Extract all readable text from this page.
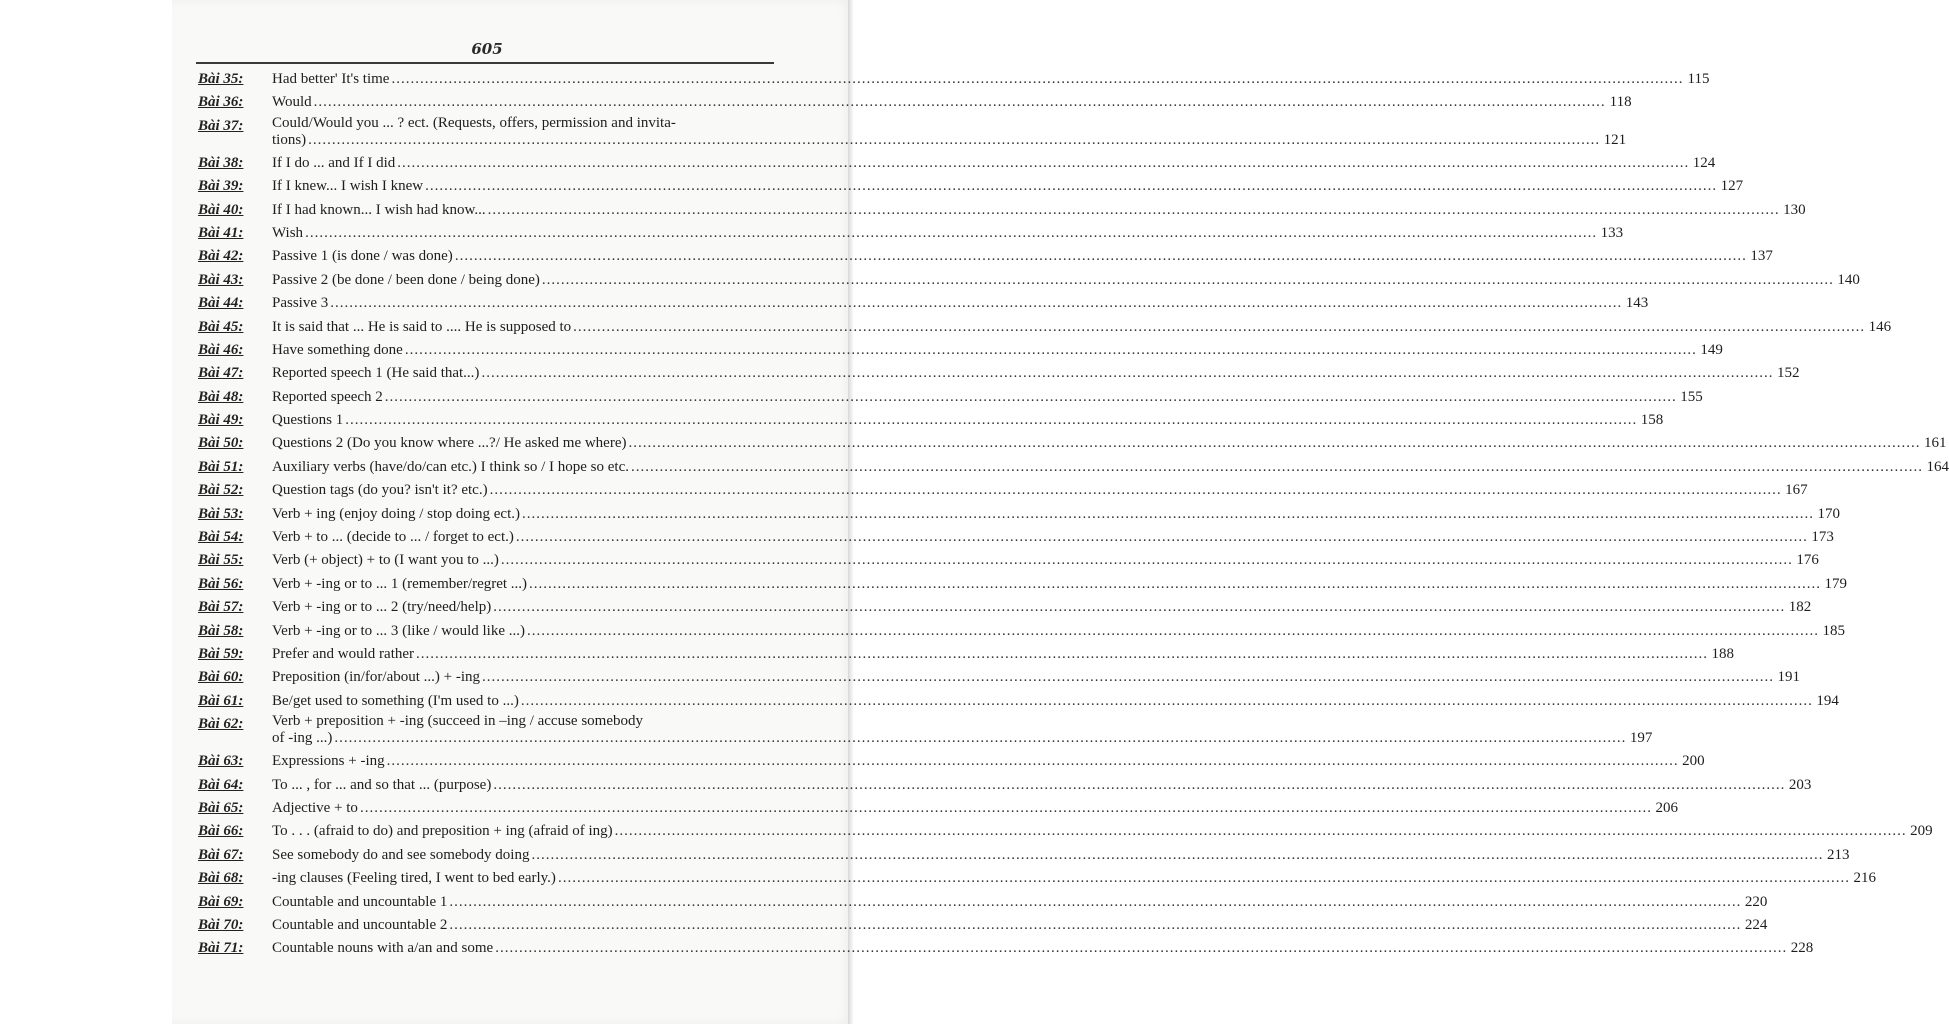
605
Bài 35:	Had better' It's time .....	115
Bài 36:	Would .....	118
Bài 37:	Could/Would you ... ? ect. (Requests, offers, permission and invita-
tions) .....	121
Bài 38:	If I do ... and If I did .....	124
Bài 39:	If I knew... I wish I knew .....	127
Bài 40:	If I had known... I wish had know... .....	130
Bài 41:	Wish .....	133
Bài 42:	Passive 1 (is done / was done) .....	137
Bài 43:	Passive 2 (be done / been done / being done) .....	140
Bài 44:	Passive 3 .....	143
Bài 45:	It is said that ... He is said to .... He is supposed to .....	146
Bài 46:	Have something done .....	149
Bài 47:	Reported speech 1 (He said that...) .....	152
Bài 48:	Reported speech 2 .....	155
Bài 49:	Questions 1 .....	158
Bài 50:	Questions 2 (Do you know where ...?/ He asked me where) .....	161
Bài 51:	Auxiliary verbs (have/do/can etc.) I think so / I hope so etc. .....	164
Bài 52:	Question tags (do you? isn't it? etc.) .....	167
Bài 53:	Verb + ing (enjoy doing / stop doing ect.) .....	170
Bài 54:	Verb + to ... (decide to ... / forget to ect.) .....	173
Bài 55:	Verb (+ object) + to (I want you to ...) .....	176
Bài 56:	Verb + -ing or to ... 1 (remember/regret ...) .....	179
Bài 57:	Verb + -ing or to ... 2 (try/need/help) .....	182
Bài 58:	Verb + -ing or to ... 3 (like / would like ...) .....	185
Bài 59:	Prefer and would rather .....	188
Bài 60:	Preposition (in/for/about ...) + -ing .....	191
Bài 61:	Be/get used to something (I'm used to ...) .....	194
Bài 62:	Verb + preposition + -ing (succeed in –ing / accuse somebody
of -ing ...) .....	197
Bài 63:	Expressions + -ing .....	200
Bài 64:	To ... , for ... and so that ... (purpose) .....	203
Bài 65:	Adjective + to .....	206
Bài 66:	To . . . (afraid to do) and preposition + ing (afraid of ing) .....	209
Bài 67:	See somebody do and see somebody doing .....	213
Bài 68:	-ing clauses (Feeling tired, I went to bed early.) .....	216
Bài 69:	Countable and uncountable 1 .....	220
Bài 70:	Countable and uncountable 2 .....	224
Bài 71:	Countable nouns with a/an and some .....	228
